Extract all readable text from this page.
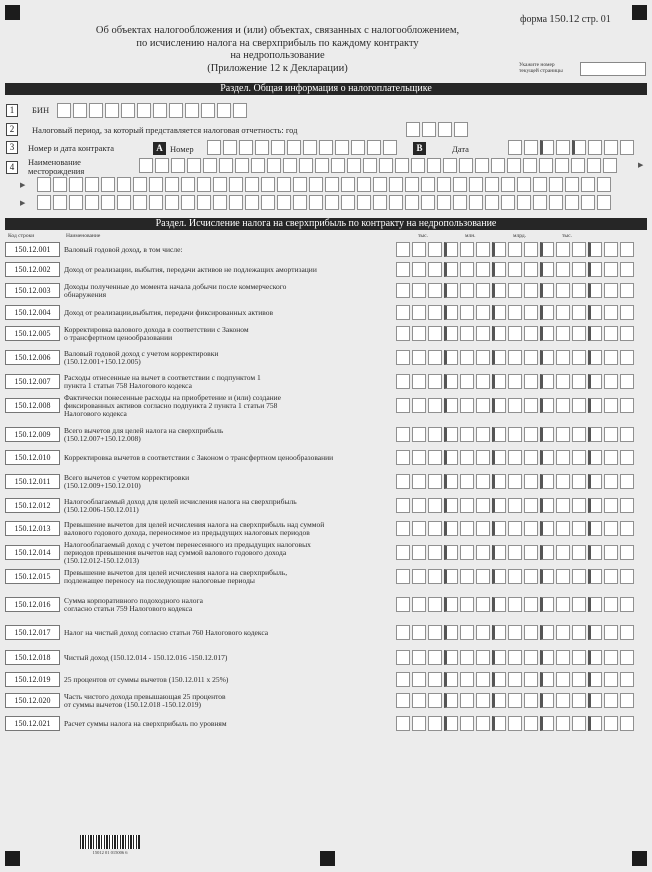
Об объектах налогообложения и (или) объектах, связанных с налогообложением,
по исчислению налога на сверхприбыль по каждому контракту
на недропользование
(Приложение 12 к Декларации)
форма 150.12 стр. 01
Укажите номер
текущей страницы
Раздел. Общая информация о налогоплательщике
1	БИН
2	Налоговый период, за который представляется налоговая отчетность: год
3	Номер и дата контракта	A Номер	B	Дата
4	Наименование
месторождения
▶
▶
▶
Раздел. Исчисление налога на сверхприбыль по контракту на недропользование
Код строки	Наименование	тыс.	млн.	млрд.	тыс.
150.12.001	Валовый годовой доход, в том числе:
150.12.002	Доход от реализации, выбытия, передачи активов не подлежащих амортизации
150.12.003	Доходы полученные до момента начала добычи после коммерческого
обнаружения
150.12.004	Доход от реализации,выбытия, передачи фиксированных активов
150.12.005	Корректировка валового дохода в соответствии с Законом
о трансфертном ценообразовании
150.12.006	Валовый годовой доход с учетом корректировки
(150.12.001+150.12.005)
150.12.007	Расходы отнесенные на вычет в соответствии с подпунктом 1
пункта 1 статьи 758 Налогового кодекса
150.12.008
Фактически понесенные расходы на приобретение и (или) создание
фиксированных активов согласно подпункта 2 пункта 1 статьи 758
Налогового кодекса
150.12.009	Всего вычетов для целей налога на сверхприбыль
(150.12.007+150.12.008)
150.12.010	Корректировка вычетов в соответствии с Законом о трансфертном ценообразовании
150.12.011	Всего вычетов с учетом корректировки
(150.12.009+150.12.010)
150.12.012	Налогооблагаемый доход для целей исчисления налога на сверхприбыль
(150.12.006-150.12.011)
150.12.013	Превышение вычетов для целей исчисления налога на сверхприбыль над суммой
валового годового дохода, переносимое из предыдущих налоговых периодов
150.12.014
Налогооблагаемый доход с учетом перенесенного из предыдущих налоговых
периодов превышения вычетов над суммой валового годового дохода
(150.12.012-150.12.013)
150.12.015	Превышение вычетов для целей исчисления налога на сверхприбыль,
подлежащее переносу на последующие налоговые периоды
150.12.016	Сумма корпоративного подоходного налога
согласно статьи 759 Налогового кодекса
150.12.017	Налог на чистый доход согласно статьи 760 Налогового кодекса
150.12.018	Чистый доход (150.12.014 - 150.12.016 -150.12.017)
150.12.019	25 процентов от суммы вычетов (150.12.011 х 25%)
150.12.020	Часть чистого дохода превышающая 25 процентов
от суммы вычетов (150.12.018 -150.12.019)
150.12.021	Расчет суммы налога на сверхприбыль по уровням
15012 01 015006 6
